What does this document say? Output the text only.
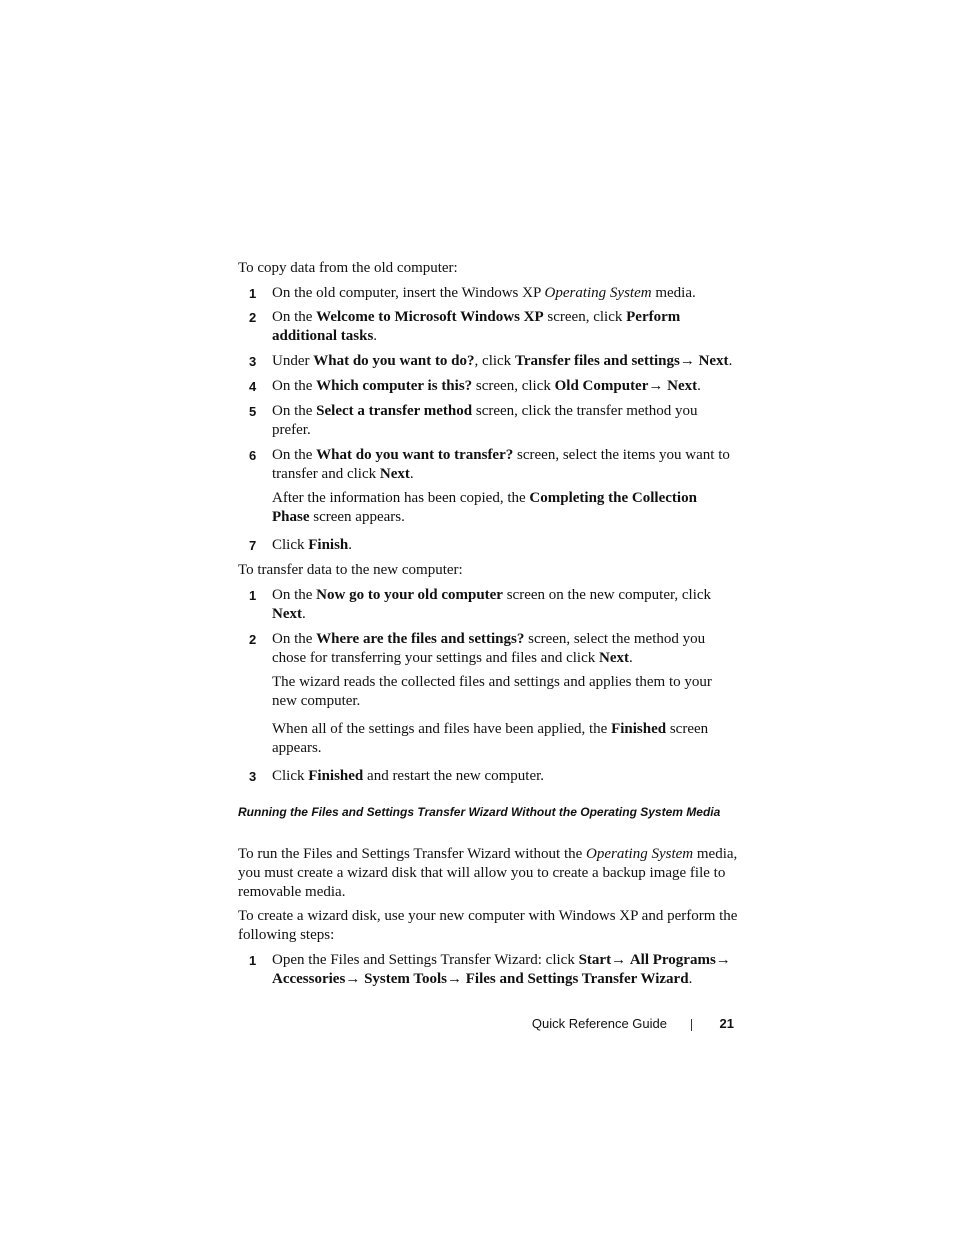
To copy data from the old computer:

1 On the old computer, insert the Windows XP Operating System media.
2 On the Welcome to Microsoft Windows XP screen, click Perform additional tasks.
3 Under What do you want to do?, click Transfer files and settings→ Next.
4 On the Which computer is this? screen, click Old Computer→ Next.
5 On the Select a transfer method screen, click the transfer method you prefer.
6 On the What do you want to transfer? screen, select the items you want to transfer and click Next.
After the information has been copied, the Completing the Collection Phase screen appears.
7 Click Finish.

To transfer data to the new computer:

1 On the Now go to your old computer screen on the new computer, click Next.
2 On the Where are the files and settings? screen, select the method you chose for transferring your settings and files and click Next.
The wizard reads the collected files and settings and applies them to your new computer.
When all of the settings and files have been applied, the Finished screen appears.
3 Click Finished and restart the new computer.
Running the Files and Settings Transfer Wizard Without the Operating System Media
To run the Files and Settings Transfer Wizard without the Operating System media, you must create a wizard disk that will allow you to create a backup image file to removable media.
To create a wizard disk, use your new computer with Windows XP and perform the following steps:
1 Open the Files and Settings Transfer Wizard: click Start→ All Programs→ Accessories→ System Tools→ Files and Settings Transfer Wizard.
Quick Reference Guide	21
